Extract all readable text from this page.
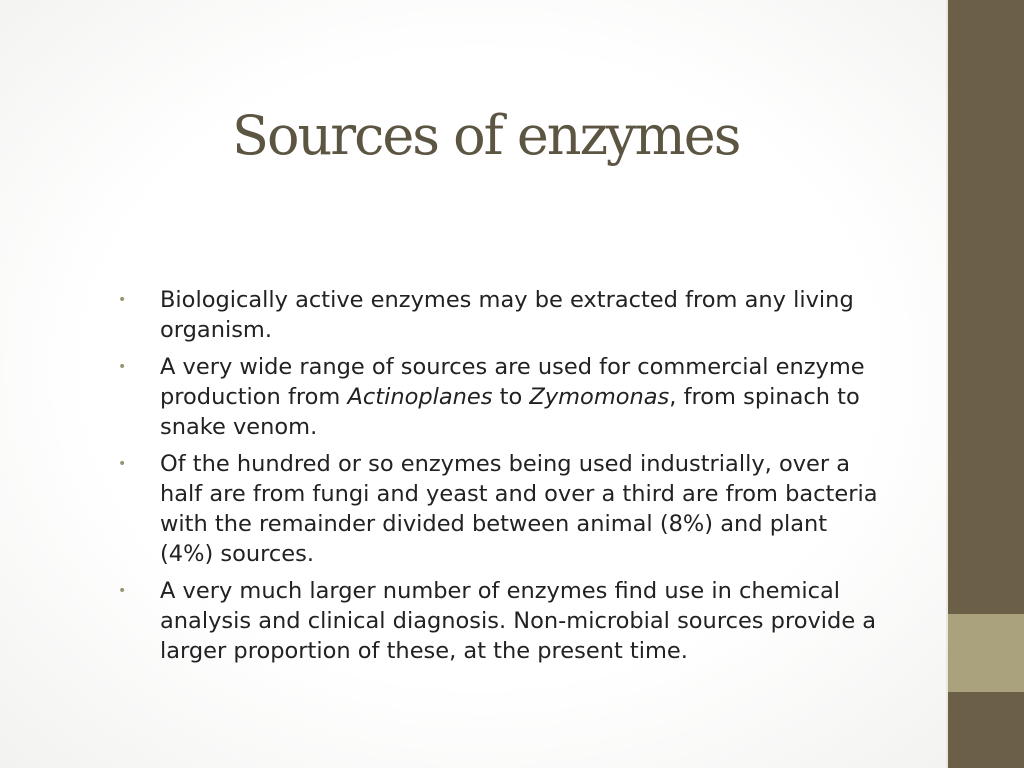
Sources of enzymes
•	Biologically active enzymes may be extracted from any living organism.
•	A very wide range of sources are used for commercial enzyme production from Actinoplanes to Zymomonas, from spinach to snake venom.
•	Of the hundred or so enzymes being used industrially, over a half are from fungi and yeast and over a third are from bacteria with the remainder divided between animal (8%) and plant (4%) sources.
•	A very much larger number of enzymes find use in chemical analysis and clinical diagnosis. Non-microbial sources provide a larger proportion of these, at the present time.
